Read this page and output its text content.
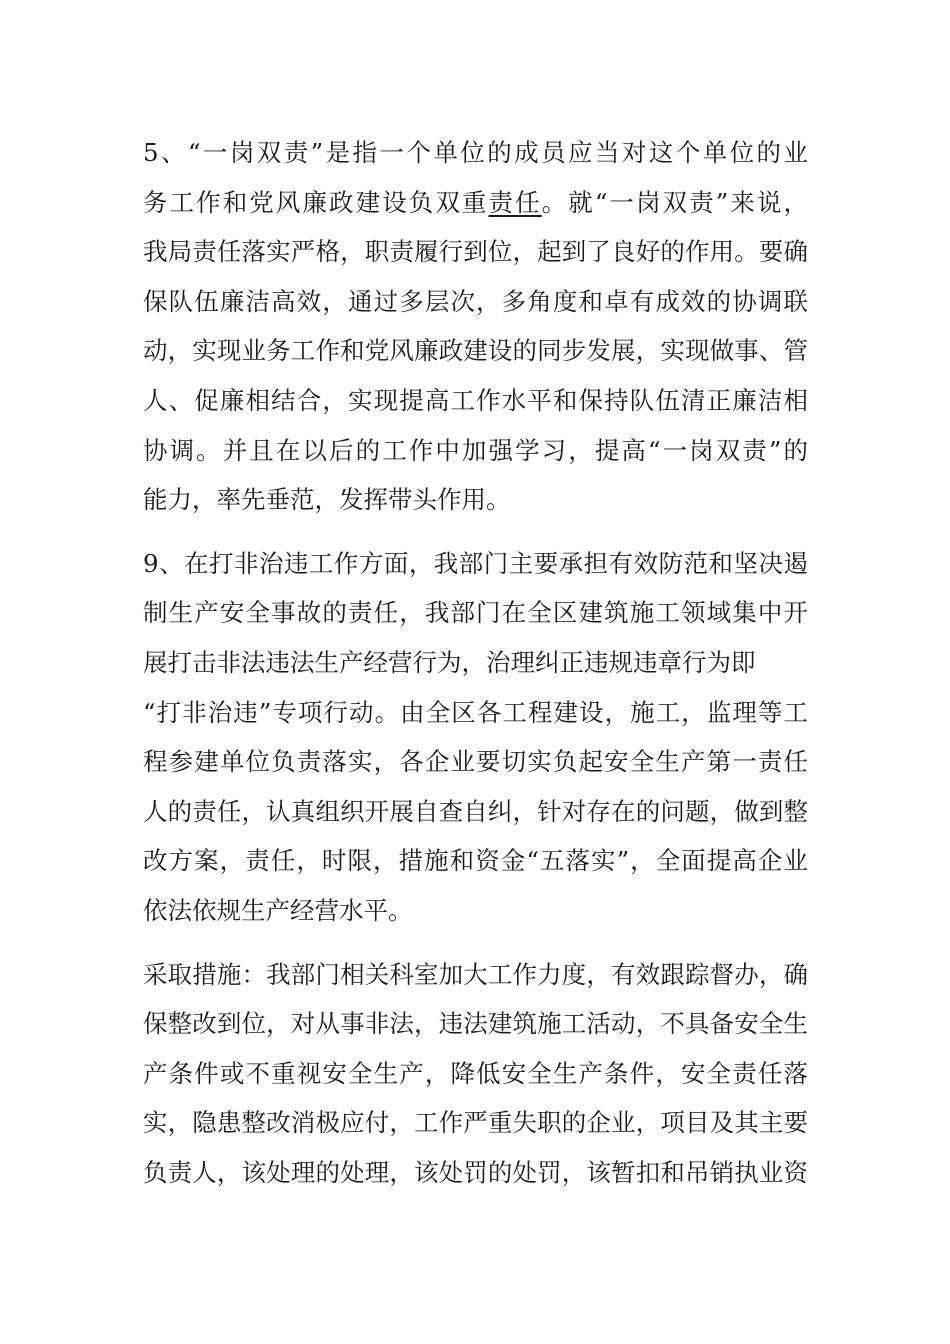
5、“一岗双责”是指一个单位的成员应当对这个单位的业
务工作和党风廉政建设负双重责任。就“一岗双责”来说，
我局责任落实严格，职责履行到位，起到了良好的作用。要确
保队伍廉洁高效，通过多层次，多角度和卓有成效的协调联
动，实现业务工作和党风廉政建设的同步发展，实现做事、管
人、促廉相结合，实现提高工作水平和保持队伍清正廉洁相
协调。并且在以后的工作中加强学习，提高“一岗双责”的
能力，率先垂范，发挥带头作用。
9、在打非治违工作方面，我部门主要承担有效防范和坚决遏
制生产安全事故的责任，我部门在全区建筑施工领域集中开
展打击非法违法生产经营行为，治理纠正违规违章行为即
“打非治违”专项行动。由全区各工程建设，施工，监理等工
程参建单位负责落实，各企业要切实负起安全生产第一责任
人的责任，认真组织开展自查自纠，针对存在的问题，做到整
改方案，责任，时限，措施和资金“五落实”，全面提高企业
依法依规生产经营水平。
采取措施：我部门相关科室加大工作力度，有效跟踪督办，确
保整改到位，对从事非法，违法建筑施工活动，不具备安全生
产条件或不重视安全生产，降低安全生产条件，安全责任落
实，隐患整改消极应付，工作严重失职的企业，项目及其主要
负责人，该处理的处理，该处罚的处罚，该暂扣和吊销执业资
